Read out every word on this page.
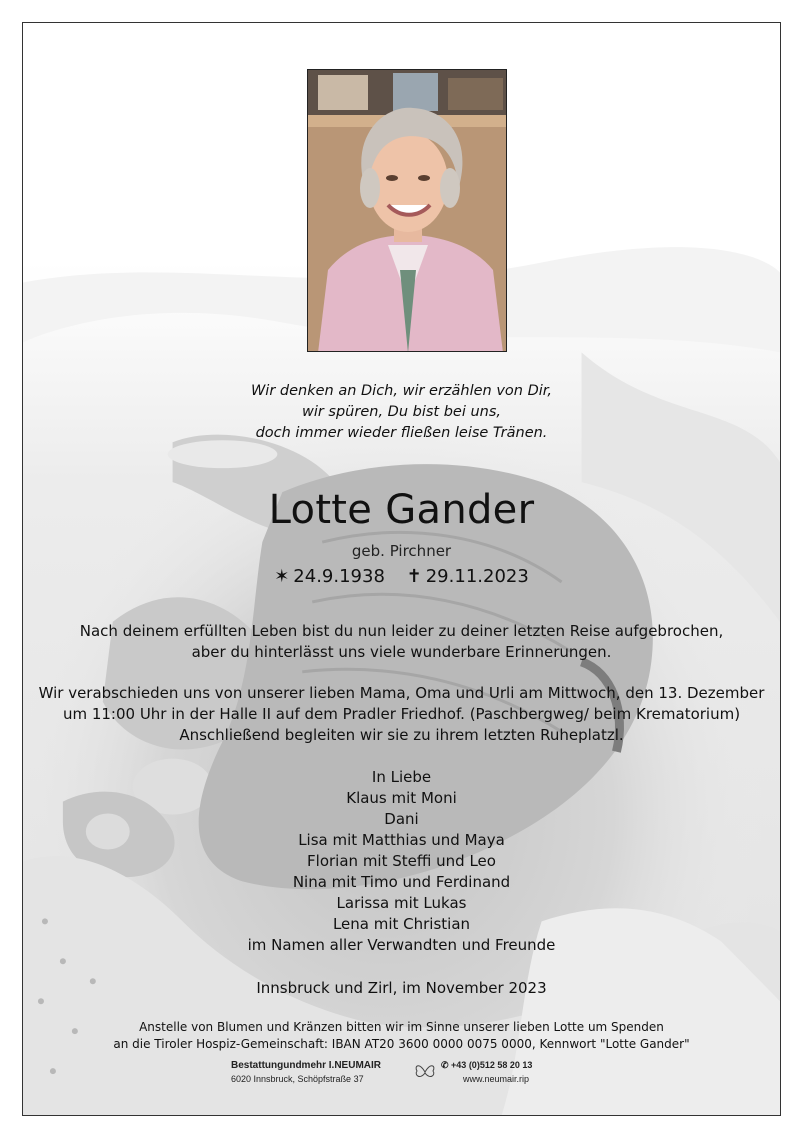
Wir denken an Dich, wir erzählen von Dir,
wir spüren, Du bist bei uns,
doch immer wieder fließen leise Tränen.
Lotte Gander
geb. Pirchner
✶ 24.9.1938 ✝ 29.11.2023
Nach deinem erfüllten Leben bist du nun leider zu deiner letzten Reise aufgebrochen,
aber du hinterlässt uns viele wunderbare Erinnerungen.
Wir verabschieden uns von unserer lieben Mama, Oma und Urli am Mittwoch, den 13. Dezember
um 11:00 Uhr in der Halle II auf dem Pradler Friedhof. (Paschbergweg/ beim Krematorium)
Anschließend begleiten wir sie zu ihrem letzten Ruheplatzl.
In Liebe
Klaus mit Moni
Dani
Lisa mit Matthias und Maya
Florian mit Steffi und Leo
Nina mit Timo und Ferdinand
Larissa mit Lukas
Lena mit Christian
im Namen aller Verwandten und Freunde
Innsbruck und Zirl, im November 2023
Anstelle von Blumen und Kränzen bitten wir im Sinne unserer lieben Lotte um Spenden
an die Tiroler Hospiz-Gemeinschaft: IBAN AT20 3600 0000 0075 0000, Kennwort "Lotte Gander"
Bestattungundmehr I.NEUMAIR
6020 Innsbruck, Schöpfstraße 37
✆ +43 (0)512 58 20 13
www.neumair.rip
